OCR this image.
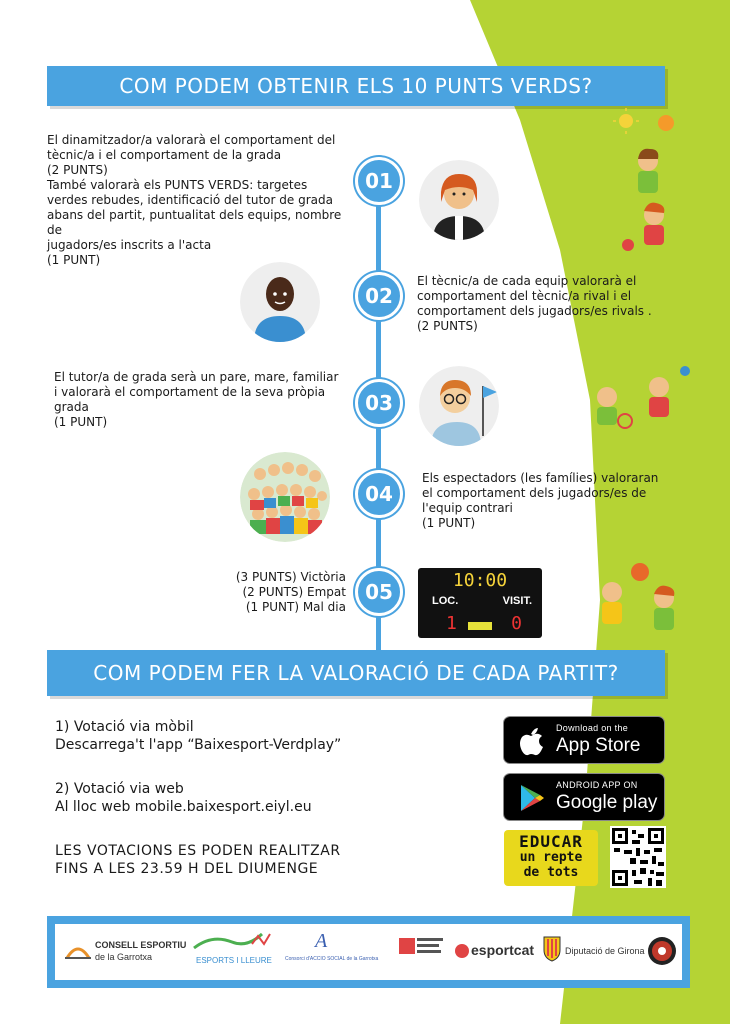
COM PODEM OBTENIR ELS 10 PUNTS VERDS?

El dinamitzador/a valorarà el comportament del

tècnic/a i el comportament de la grada

(2 PUNTS)

També valorarà els PUNTS VERDS: targetes

verdes rebudes, identificació del tutor de grada

abans del partit, puntualitat dels equips, nombre de

jugadors/es inscrits a l'acta

(1 PUNT)

01
02

El tècnic/a de cada equip valorarà el

comportament del tècnic/a rival i el

comportament dels jugadors/es rivals .

(2 PUNTS)

El tutor/a de grada serà un pare, mare, familiar

i valorarà el comportament de la seva pròpia

grada

(1 PUNT)

03
04

Els espectadors (les famílies) valoraran

el comportament dels jugadors/es de

l'equip contrari

(1 PUNT)

(3 PUNTS) Victòria

(2 PUNTS) Empat

(1 PUNT) Mal dia

05	10:00
LOC.	VISIT.
1	0
COM PODEM FER LA VALORACIÓ DE CADA PARTIT?
1) Votació via mòbil
Descarrega't l'app “Baixesport-Verdplay”
2) Votació via web
Al lloc web mobile.baixesport.eiyl.eu
LES VOTACIONS ES PODEN REALITZAR
FINS A LES 23.59 H DEL DIUMENGE
Download on the
App Store
ANDROID APP ON
Google play
EDUCAR
un repte
de tots
CONSELL ESPORTIU
de la Garrotxa	ESPORTS I LLEURE
A
Consorci d'ACCIÓ SOCIAL de la Garrotxa
esportcat	Diputació de Girona
